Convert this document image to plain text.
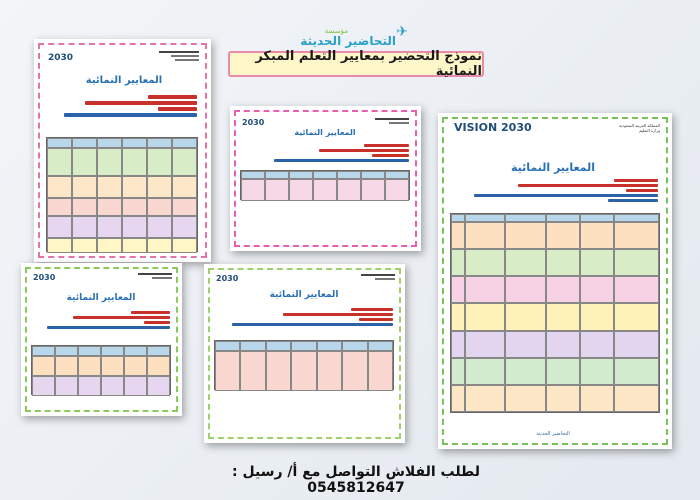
✈
مؤسسة
التحاضير الحديثة
نموذج التحضير بمعايير التعلم المبكر النمائية
2030
المعايير النمائية
2030
المعايير النمائية	VISION 2030	المملكة العربية السعودية
وزارة التعليم
المعايير النمائية
التحاضير الحديثة
2030
المعايير النمائية
2030
المعايير النمائية
لطلب الفلاش التواصل مع أ/ رسيل : 0545812647
